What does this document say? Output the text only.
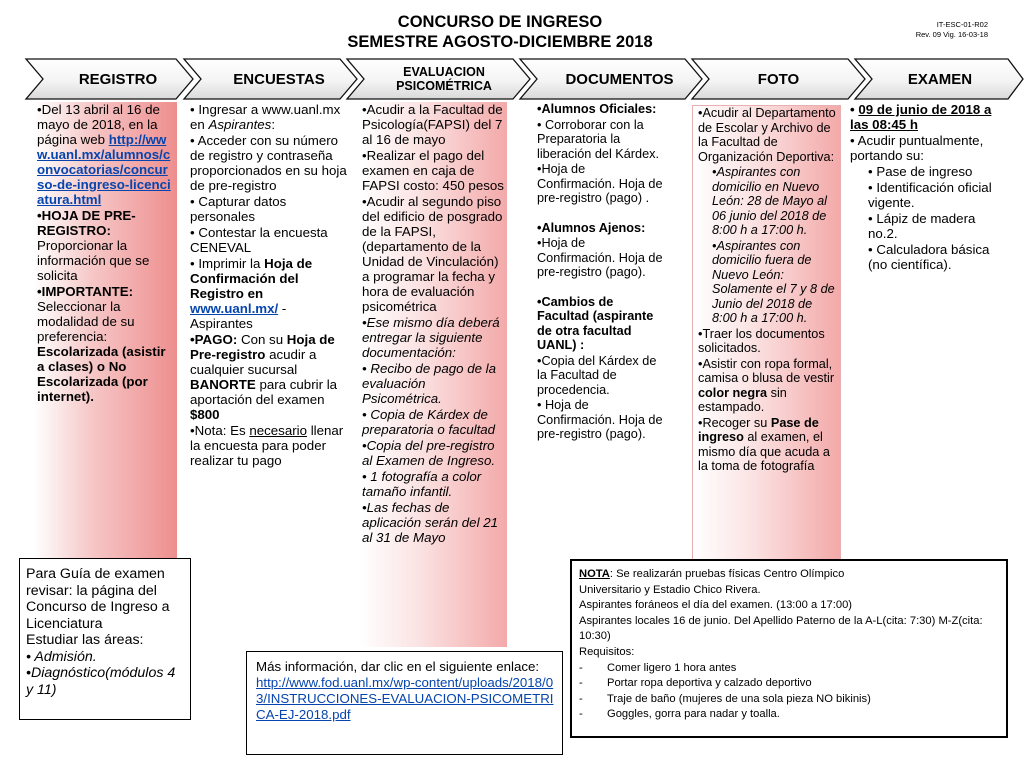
CONCURSO DE INGRESO
SEMESTRE AGOSTO-DICIEMBRE 2018
IT-ESC-01-R02
Rev. 09 Vig. 16-03-18
REGISTRO	ENCUESTAS	EVALUACION PSICOMÉTRICA	DOCUMENTOS	FOTO	EXAMEN

•Del 13 abril al 16 de mayo de 2018, en la página web http://www.uanl.mx/alumnos/convocatorias/concurso-de-ingreso-licenciatura.html

•HOJA DE PRE-REGISTRO: Proporcionar la información que se solicita

•IMPORTANTE: Seleccionar la modalidad de su preferencia: Escolarizada (asistir a clases) o No Escolarizada (por internet).

• Ingresar a www.uanl.mx en Aspirantes:

• Acceder con su número de registro y contraseña proporcionados en su hoja de pre-registro

• Capturar datos personales

• Contestar la encuesta CENEVAL

• Imprimir la Hoja de Confirmación del Registro en www.uanl.mx/ - Aspirantes

•PAGO: Con su Hoja de Pre-registro acudir a cualquier sucursal BANORTE para cubrir la aportación del examen $800

•Nota: Es necesario llenar la encuesta para poder realizar tu pago

•Acudir a la Facultad de Psicología(FAPSI) del 7 al 16 de mayo

•Realizar el pago del examen en caja de FAPSI costo: 450 pesos

•Acudir al segundo piso del edificio de posgrado de la FAPSI,(departamento de la Unidad de Vinculación) a programar la fecha y hora de evaluación psicométrica

•Ese mismo día deberá entregar la siguiente documentación:

• Recibo de pago de la evaluación Psicométrica.

• Copia de Kárdex de preparatoria o facultad

•Copia del pre-registro al Examen de Ingreso.

• 1 fotografía a color tamaño infantil.

•Las fechas de aplicación serán del 21 al 31 de Mayo

•Alumnos Oficiales:

• Corroborar con la Preparatoria la liberación del Kárdex.

•Hoja de Confirmación. Hoja de pre-registro (pago) .

•Alumnos Ajenos:

•Hoja de Confirmación. Hoja de pre-registro (pago).

•Cambios de Facultad (aspirante de otra facultad UANL) :

•Copia del Kárdex de la Facultad de procedencia.

• Hoja de Confirmación. Hoja de pre-registro (pago).

•Acudir al Departamento de Escolar y Archivo de la Facultad de Organización Deportiva:

•Aspirantes con domicilio en Nuevo León: 28 de Mayo al 06 junio del 2018 de 8:00 h a 17:00 h.

•Aspirantes con domicilio fuera de Nuevo León: Solamente el 7 y 8 de Junio del 2018 de 8:00 h a 17:00 h.

•Traer los documentos solicitados.

•Asistir con ropa formal, camisa o blusa de vestir color negra sin estampado.

•Recoger su Pase de ingreso al examen, el mismo día que acuda a la toma de fotografía

• 09 de junio de 2018 a las 08:45 h

• Acudir puntualmente, portando su:

• Pase de ingreso

• Identificación oficial vigente.

• Lápiz de madera no.2.

• Calculadora básica (no científica).

Para Guía de examen revisar: la página del Concurso de Ingreso a Licenciatura

Estudiar las áreas:

• Admisión.

•Diagnóstico(módulos 4 y 11)

Más información, dar clic en el siguiente enlace:

http://www.fod.uanl.mx/wp-content/uploads/2018/03/INSTRUCCIONES-EVALUACION-PSICOMETRICA-EJ-2018.pdf

NOTA: Se realizarán pruebas físicas Centro Olímpico

Universitario y Estadio Chico Rivera.

Aspirantes foráneos el día del examen. (13:00 a 17:00)

Aspirantes locales 16 de junio. Del Apellido Paterno de la A-L(cita: 7:30) M-Z(cita: 10:30)

Requisitos:

-	Comer ligero 1 hora antes
-	Portar ropa deportiva y calzado deportivo
-	Traje de baño (mujeres de una sola pieza NO bikinis)
-	Goggles, gorra para nadar y toalla.
